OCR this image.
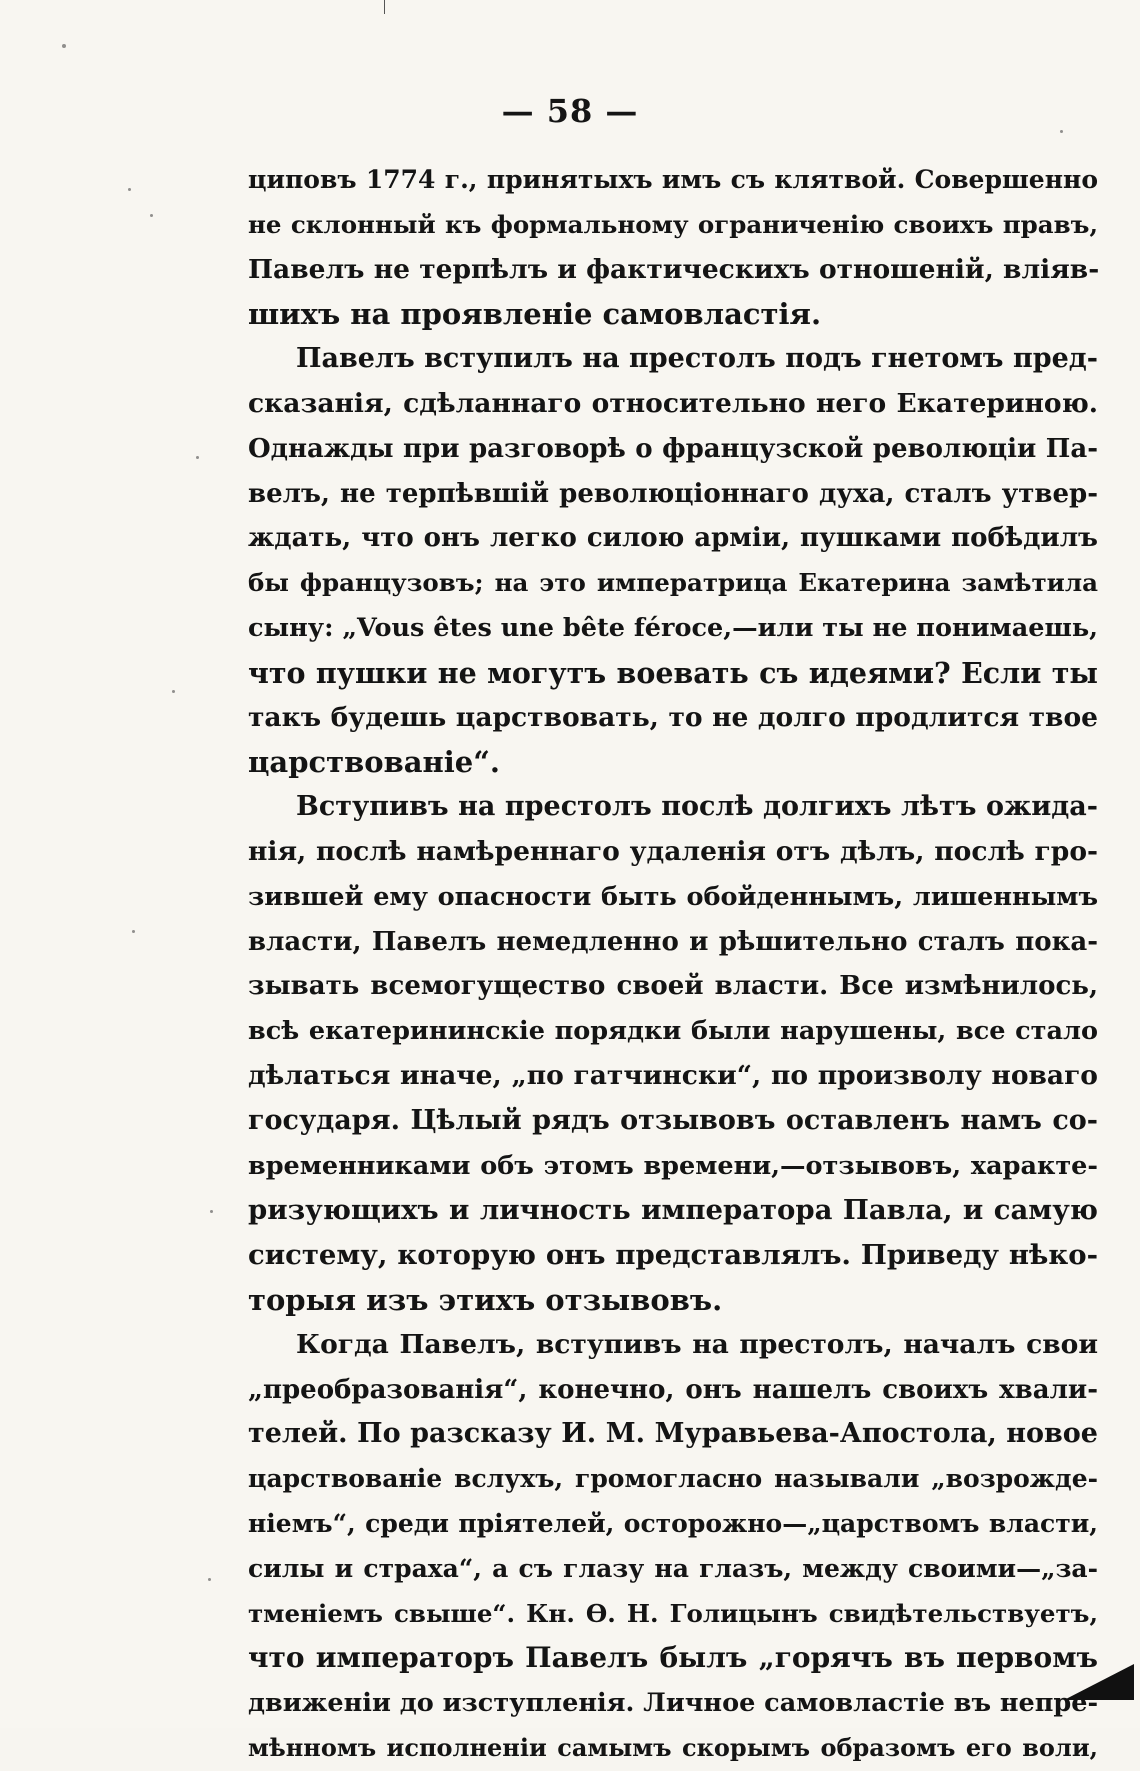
— 58 —
циповъ 1774 г., принятыхъ имъ съ клятвой. Совершенно
не склонный къ формальному ограниченію своихъ правъ,
Павелъ не терпѣлъ и фактическихъ отношеній, вліяв-
шихъ на проявленіе самовластія.
Павелъ вступилъ на престолъ подъ гнетомъ пред-
сказанія, сдѣланнаго относительно него Екатериною.
Однажды при разговорѣ о французской революціи Па-
велъ, не терпѣвшій революціоннаго духа, сталъ утвер-
ждать, что онъ легко силою арміи, пушками побѣдилъ
бы французовъ; на это императрица Екатерина замѣтила
сыну: „Vous êtes une bête féroce,—или ты не понимаешь,
что пушки не могутъ воевать съ идеями? Если ты
такъ будешь царствовать, то не долго продлится твое
царствованіе“.
Вступивъ на престолъ послѣ долгихъ лѣтъ ожида-
нія, послѣ намѣреннаго удаленія отъ дѣлъ, послѣ гро-
зившей ему опасности быть обойденнымъ, лишеннымъ
власти, Павелъ немедленно и рѣшительно сталъ пока-
зывать всемогущество своей власти. Все измѣнилось,
всѣ екатерининскіе порядки были нарушены, все стало
дѣлаться иначе, „по гатчински“, по произволу новаго
государя. Цѣлый рядъ отзывовъ оставленъ намъ со-
временниками объ этомъ времени,—отзывовъ, характе-
ризующихъ и личность императора Павла, и самую
систему, которую онъ представлялъ. Приведу нѣко-
торыя изъ этихъ отзывовъ.
Когда Павелъ, вступивъ на престолъ, началъ свои
„преобразованія“, конечно, онъ нашелъ своихъ хвали-
телей. По разсказу И. М. Муравьева-Апостола, новое
царствованіе вслухъ, громогласно называли „возрожде-
ніемъ“, среди пріятелей, осторожно—„царствомъ власти,
силы и страха“, а съ глазу на глазъ, между своими—„за-
тменіемъ свыше“. Кн. Ѳ. Н. Голицынъ свидѣтельствуетъ,
что императоръ Павелъ былъ „горячъ въ первомъ
движеніи до изступленія. Личное самовластіе въ непре-
мѣнномъ исполненіи самымъ скорымъ образомъ его воли,
